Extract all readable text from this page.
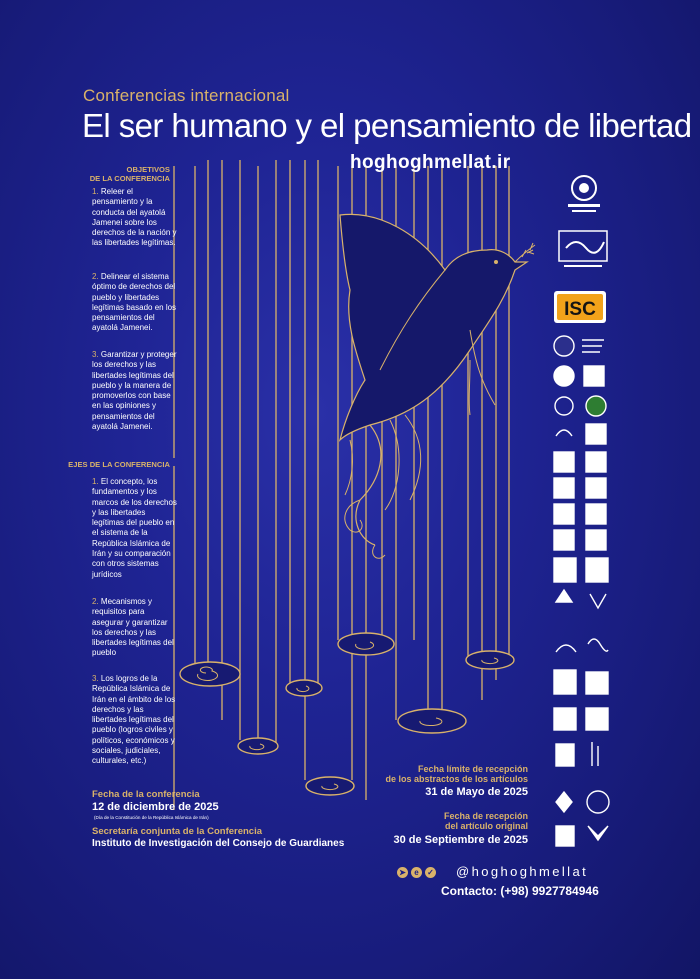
Conferencias internacional
El ser humano y el pensamiento de libertad
hoghoghmellat.ir
OBJETIVOS
DE LA CONFERENCIA
1. Releer el pensamiento y la conducta del ayatolá Jamenei sobre los derechos de la nación y las libertades legítimas.
2. Delinear el sistema óptimo de derechos del pueblo y libertades legítimas basado en los pensamientos del ayatolá Jamenei.
3. Garantizar y proteger los derechos y las libertades legítimas del pueblo y la manera de promoverlos con base en las opiniones y pensamientos del ayatolá Jamenei.
EJES DE LA CONFERENCIA
1. El concepto, los fundamentos y los marcos de los derechos y las libertades legítimas del pueblo en el sistema de la República Islámica de Irán y su comparación con otros sistemas jurídicos
2. Mecanismos y requisitos para asegurar y garantizar los derechos y las libertades legítimas del pueblo
3. Los logros de la República Islámica de Irán en el ámbito de los derechos y las libertades legítimas del pueblo (logros civiles y políticos, económicos y sociales, judiciales, culturales, etc.)
Fecha de la conferencia
12 de diciembre de 2025
(Día de la Constitución de la República Islámica de Irán)
Secretaría conjunta de la Conferencia
Instituto de Investigación del Consejo de Guardianes
Fecha límite de recepción
de los abstractos de los artículos
31 de Mayo de 2025
Fecha de recepción
del artículo original
30 de Septiembre de 2025
➤	e	✓ @hoghoghmellat
Contacto: (+98) 9927784946
ISC
